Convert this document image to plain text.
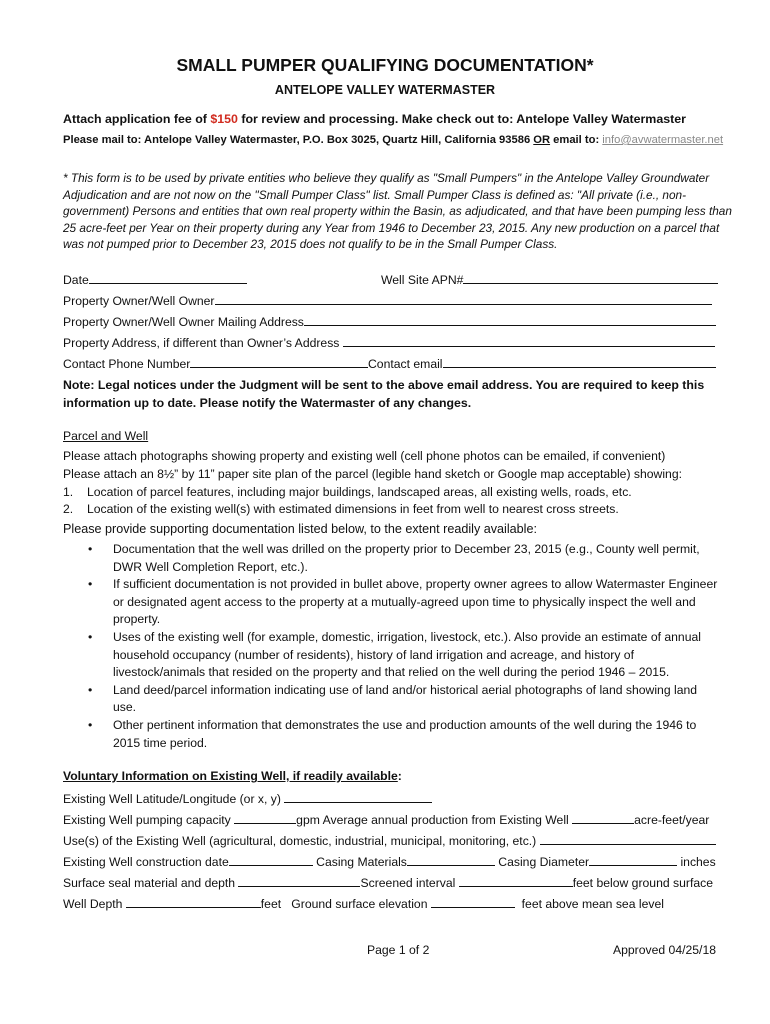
SMALL PUMPER QUALIFYING DOCUMENTATION*
ANTELOPE VALLEY WATERMASTER
Attach application fee of $150 for review and processing. Make check out to: Antelope Valley Watermaster
Please mail to: Antelope Valley Watermaster, P.O. Box 3025, Quartz Hill, California 93586 OR email to: info@avwatermaster.net
* This form is to be used by private entities who believe they qualify as "Small Pumpers" in the Antelope Valley Groundwater
Adjudication and are not now on the "Small Pumper Class" list. Small Pumper Class is defined as: "All private (i.e., non-
government) Persons and entities that own real property within the Basin, as adjudicated, and that have been pumping less than
25 acre-feet per Year on their property during any Year from 1946 to December 23, 2015. Any new production on a parcel that
was not pumped prior to December 23, 2015 does not qualify to be in the Small Pumper Class.
Date	Well Site APN#
Property Owner/Well Owner
Property Owner/Well Owner Mailing Address
Property Address, if different than Owner’s Address
Contact Phone Number	Contact email
Note: Legal notices under the Judgment will be sent to the above email address. You are required to keep this
information up to date. Please notify the Watermaster of any changes.
Parcel and Well
Please attach photographs showing property and existing well (cell phone photos can be emailed, if convenient)
Please attach an 8½” by 11” paper site plan of the parcel (legible hand sketch or Google map acceptable) showing:
1. Location of parcel features, including major buildings, landscaped areas, all existing wells, roads, etc.
2. Location of the existing well(s) with estimated dimensions in feet from well to nearest cross streets.
Please provide supporting documentation listed below, to the extent readily available:
• Documentation that the well was drilled on the property prior to December 23, 2015 (e.g., County well permit, DWR Well Completion Report, etc.).
• If sufficient documentation is not provided in bullet above, property owner agrees to allow Watermaster Engineer or designated agent access to the property at a mutually-agreed upon time to physically inspect the well and property.
• Uses of the existing well (for example, domestic, irrigation, livestock, etc.). Also provide an estimate of annual household occupancy (number of residents), history of land irrigation and acreage, and history of livestock/animals that resided on the property and that relied on the well during the period 1946 – 2015.
• Land deed/parcel information indicating use of land and/or historical aerial photographs of land showing land use.
• Other pertinent information that demonstrates the use and production amounts of the well during the 1946 to 2015 time period.
Voluntary Information on Existing Well, if readily available:
Existing Well Latitude/Longitude (or x, y)
Existing Well pumping capacity	gpm Average annual production from Existing Well	acre-feet/year
Use(s) of the Existing Well (agricultural, domestic, industrial, municipal, monitoring, etc.)
Existing Well construction date	Casing Materials	Casing Diameter	inches
Surface seal material and depth	Screened interval	feet below ground surface
Well Depth	feet Ground surface elevation	feet above mean sea level
Page 1 of 2	Approved 04/25/18
